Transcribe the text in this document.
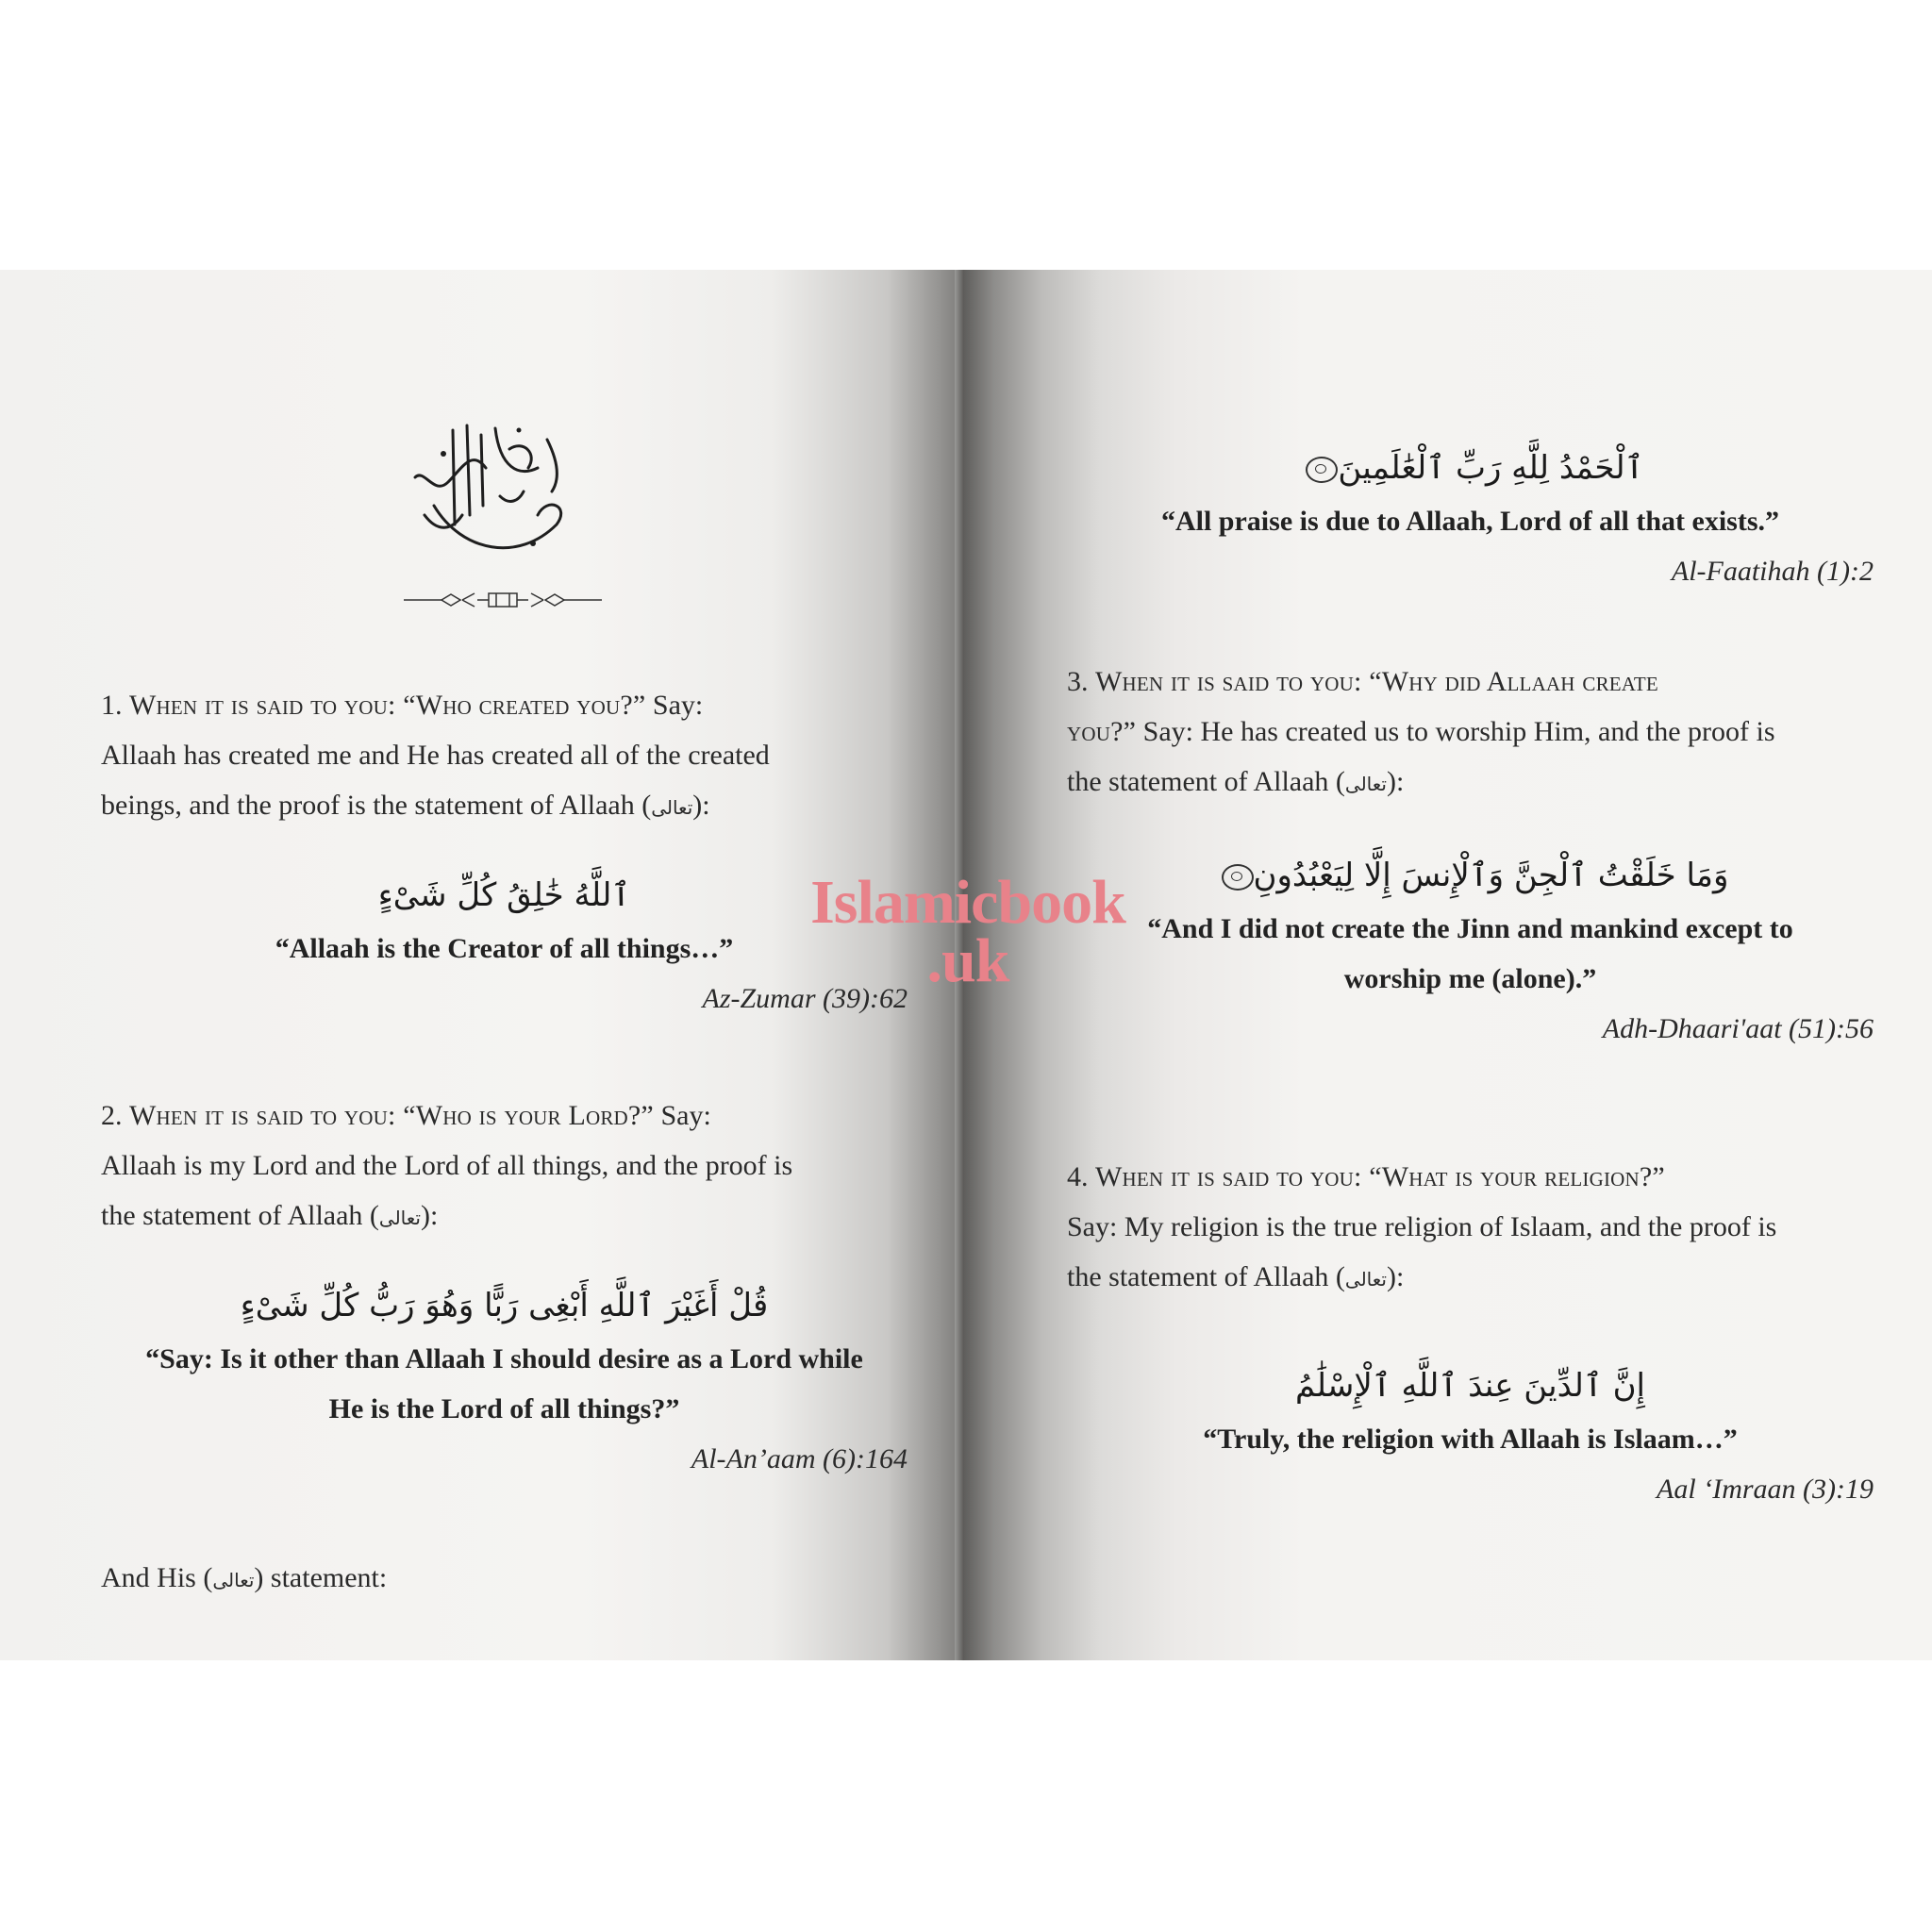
1. When it is said to you: “Who created you?” Say:
Allaah has created me and He has created all of the created
beings, and the proof is the statement of Allaah (تعالى):

ٱللَّهُ خَٰلِقُ كُلِّ شَىْءٍ
“Allaah is the Creator of all things…”
Az-Zumar (39):62

2. When it is said to you: “Who is your Lord?” Say:
Allaah is my Lord and the Lord of all things, and the proof is
the statement of Allaah (تعالى):

قُلْ أَغَيْرَ ٱللَّهِ أَبْغِى رَبًّا وَهُوَ رَبُّ كُلِّ شَىْءٍ
“Say: Is it other than Allaah I should desire as a Lord while
He is the Lord of all things?”
Al-An’aam (6):164
And His (تعالى) statement:
ٱلْحَمْدُ لِلَّهِ رَبِّ ٱلْعَٰلَمِينَ
“All praise is due to Allaah, Lord of all that exists.”
Al-Faatihah (1):2

3. When it is said to you: “Why did Allaah create
you?” Say: He has created us to worship Him, and the proof is
the statement of Allaah (تعالى):

وَمَا خَلَقْتُ ٱلْجِنَّ وَٱلْإِنسَ إِلَّا لِيَعْبُدُونِ
“And I did not create the Jinn and mankind except to
worship me (alone).”
Adh-Dhaari'aat (51):56

4. When it is said to you: “What is your religion?”
Say: My religion is the true religion of Islaam, and the proof is
the statement of Allaah (تعالى):

إِنَّ ٱلدِّينَ عِندَ ٱللَّهِ ٱلْإِسْلَٰمُ
“Truly, the religion with Allaah is Islaam…”
Aal ‘Imraan (3):19
Islamicbook
.uk
